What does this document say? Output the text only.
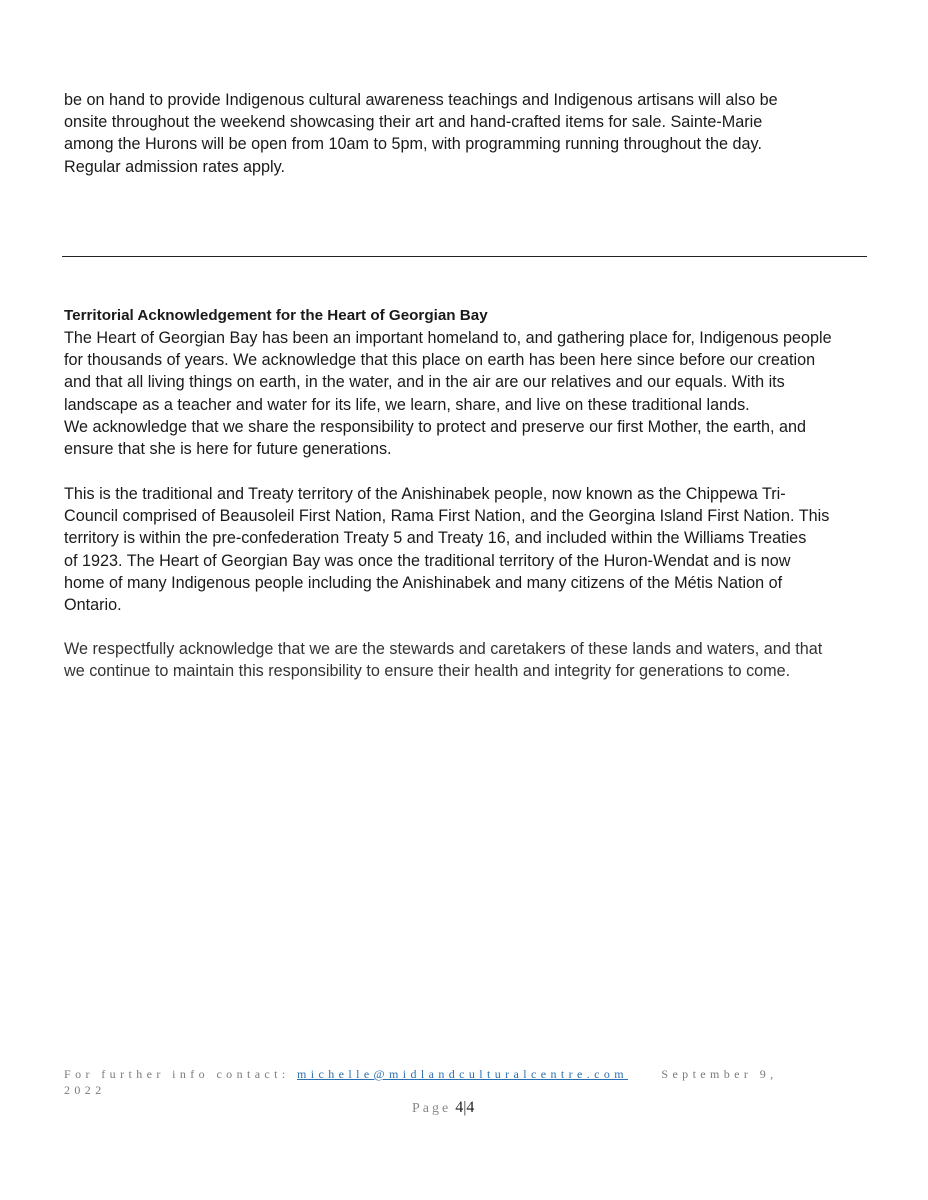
be on hand to provide Indigenous cultural awareness teachings and Indigenous artisans will also be
onsite throughout the weekend showcasing their art and hand-crafted items for sale. Sainte-Marie
among the Hurons will be open from 10am to 5pm, with programming running throughout the day.
Regular admission rates apply.

Territorial Acknowledgement for the Heart of Georgian Bay

The Heart of Georgian Bay has been an important homeland to, and gathering place for, Indigenous people
for thousands of years. We acknowledge that this place on earth has been here since before our creation
and that all living things on earth, in the water, and in the air are our relatives and our equals. With its
landscape as a teacher and water for its life, we learn, share, and live on these traditional lands.
We acknowledge that we share the responsibility to protect and preserve our first Mother, the earth, and
ensure that she is here for future generations.

This is the traditional and Treaty territory of the Anishinabek people, now known as the Chippewa Tri-
Council comprised of Beausoleil First Nation, Rama First Nation, and the Georgina Island First Nation. This
territory is within the pre-confederation Treaty 5 and Treaty 16, and included within the Williams Treaties
of 1923. The Heart of Georgian Bay was once the traditional territory of the Huron-Wendat and is now
home of many Indigenous people including the Anishinabek and many citizens of the Métis Nation of
Ontario.

We respectfully acknowledge that we are the stewards and caretakers of these lands and waters, and that
we continue to maintain this responsibility to ensure their health and integrity for generations to come.

For further info contact: michelle@midlandculturalcentre.com	September 9, 2022
Page 4|4
